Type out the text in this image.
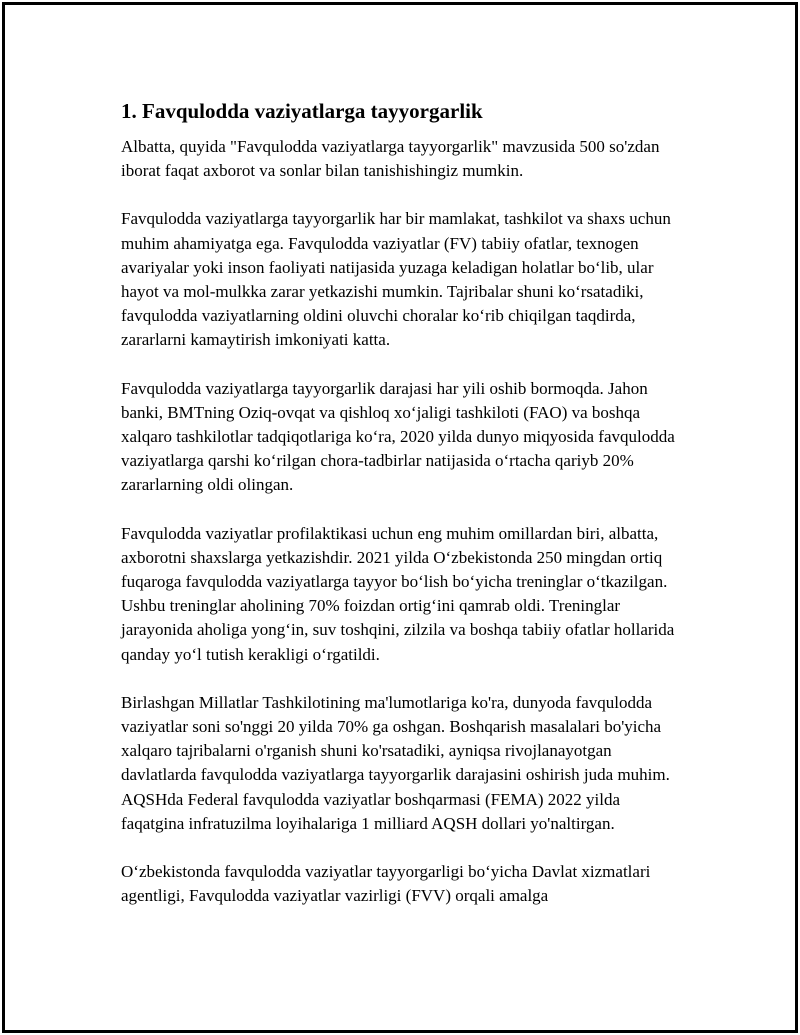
1. Favqulodda vaziyatlarga tayyorgarlik

Albatta, quyida "Favqulodda vaziyatlarga tayyorgarlik" mavzusida 500 so'zdan iborat faqat axborot va sonlar bilan tanishishingiz mumkin.

Favqulodda vaziyatlarga tayyorgarlik har bir mamlakat, tashkilot va shaxs uchun muhim ahamiyatga ega. Favqulodda vaziyatlar (FV) tabiiy ofatlar, texnogen avariyalar yoki inson faoliyati natijasida yuzaga keladigan holatlar bo‘lib, ular hayot va mol-mulkka zarar yetkazishi mumkin. Tajribalar shuni ko‘rsatadiki, favqulodda vaziyatlarning oldini oluvchi choralar ko‘rib chiqilgan taqdirda, zararlarni kamaytirish imkoniyati katta.

Favqulodda vaziyatlarga tayyorgarlik darajasi har yili oshib bormoqda. Jahon banki, BMTning Oziq-ovqat va qishloq xo‘jaligi tashkiloti (FAO) va boshqa xalqaro tashkilotlar tadqiqotlariga ko‘ra, 2020 yilda dunyo miqyosida favqulodda vaziyatlarga qarshi ko‘rilgan chora-tadbirlar natijasida o‘rtacha qariyb 20% zararlarning oldi olingan.

Favqulodda vaziyatlar profilaktikasi uchun eng muhim omillardan biri, albatta, axborotni shaxslarga yetkazishdir. 2021 yilda O‘zbekistonda 250 mingdan ortiq fuqaroga favqulodda vaziyatlarga tayyor bo‘lish bo‘yicha treninglar o‘tkazilgan. Ushbu treninglar aholining 70% foizdan ortig‘ini qamrab oldi. Treninglar jarayonida aholiga yong‘in, suv toshqini, zilzila va boshqa tabiiy ofatlar hollarida qanday yo‘l tutish kerakligi o‘rgatildi.

Birlashgan Millatlar Tashkilotining ma'lumotlariga ko'ra, dunyoda favqulodda vaziyatlar soni so'nggi 20 yilda 70% ga oshgan. Boshqarish masalalari bo'yicha xalqaro tajribalarni o'rganish shuni ko'rsatadiki, ayniqsa rivojlanayotgan davlatlarda favqulodda vaziyatlarga tayyorgarlik darajasini oshirish juda muhim. AQSHda Federal favqulodda vaziyatlar boshqarmasi (FEMA) 2022 yilda faqatgina infratuzilma loyihalariga 1 milliard AQSH dollari yo'naltirgan.

O‘zbekistonda favqulodda vaziyatlar tayyorgarligi bo‘yicha Davlat xizmatlari agentligi, Favqulodda vaziyatlar vazirligi (FVV) orqali amalga
